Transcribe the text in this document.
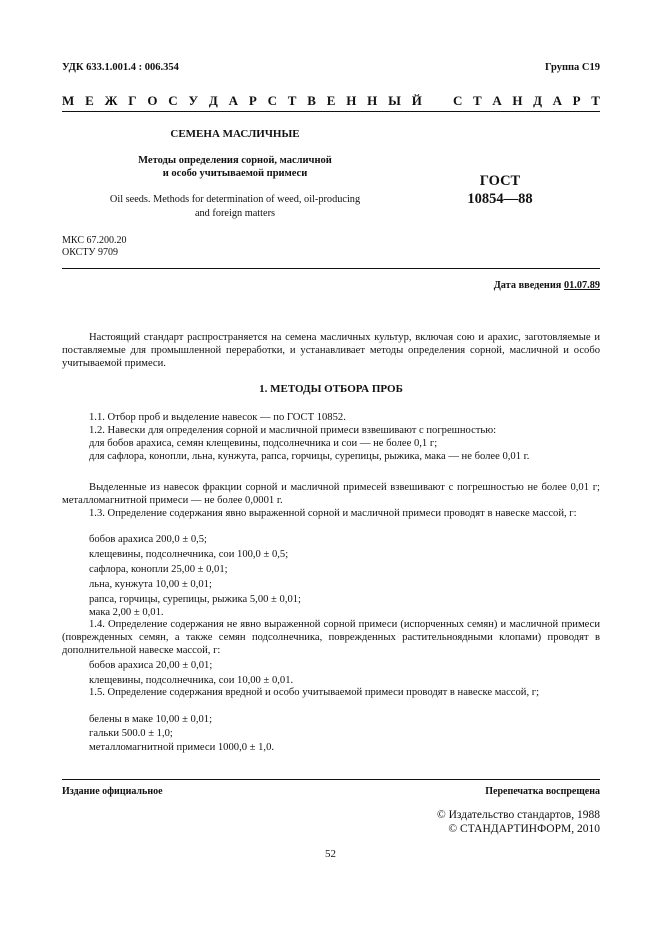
УДК 633.1.001.4 : 006.354	Группа С19
М Е Ж Г О С У Д А Р С Т В Е Н Н Ы Й С Т А Н Д А Р Т
СЕМЕНА МАСЛИЧНЫЕ
Методы определения сорной, масличной
и особо учитываемой примеси
Oil seeds. Methods for determination of weed, oil-producing
and foreign matters
ГОСТ
10854—88
МКС 67.200.20
ОКСТУ 9709
Дата введения 01.07.89
Настоящий стандарт распространяется на семена масличных культур, включая сою и арахис, заготовляемые и поставляемые для промышленной переработки, и устанавливает методы определения сорной, масличной и особо учитываемой примеси.
1. МЕТОДЫ ОТБОРА ПРОБ
1.1. Отбор проб и выделение навесок — по ГОСТ 10852.
1.2. Навески для определения сорной и масличной примеси взвешивают с погрешностью:
для бобов арахиса, семян клещевины, подсолнечника и сои — не более 0,1 г;
для сафлора, конопли, льна, кунжута, рапса, горчицы, сурепицы, рыжика, мака — не более 0,01 г.
Выделенные из навесок фракции сорной и масличной примесей взвешивают с погрешностью не более 0,01 г; металломагнитной примеси — не более 0,0001 г.
1.3. Определение содержания явно выраженной сорной и масличной примеси проводят в навеске массой, г:
бобов арахиса 200,0 ± 0,5;
клещевины, подсолнечника, сои 100,0 ± 0,5;
сафлора, конопли 25,00 ± 0,01;
льна, кунжута 10,00 ± 0,01;
рапса, горчицы, сурепицы, рыжика 5,00 ± 0,01;
мака 2,00 ± 0,01.
1.4. Определение содержания не явно выраженной сорной примеси (испорченных семян) и масличной примеси (поврежденных семян, а также семян подсолнечника, поврежденных растительноядными клопами) проводят в дополнительной навеске массой, г:
бобов арахиса 20,00 ± 0,01;
клещевины, подсолнечника, сои 10,00 ± 0,01.
1.5. Определение содержания вредной и особо учитываемой примеси проводят в навеске массой, г;
белены в маке 10,00 ± 0,01;
гальки 500.0 ± 1,0;
металломагнитной примеси 1000,0 ± 1,0.
Издание официальное	Перепечатка воспрещена
© Издательство стандартов, 1988
© СТАНДАРТИНФОРМ, 2010
52
